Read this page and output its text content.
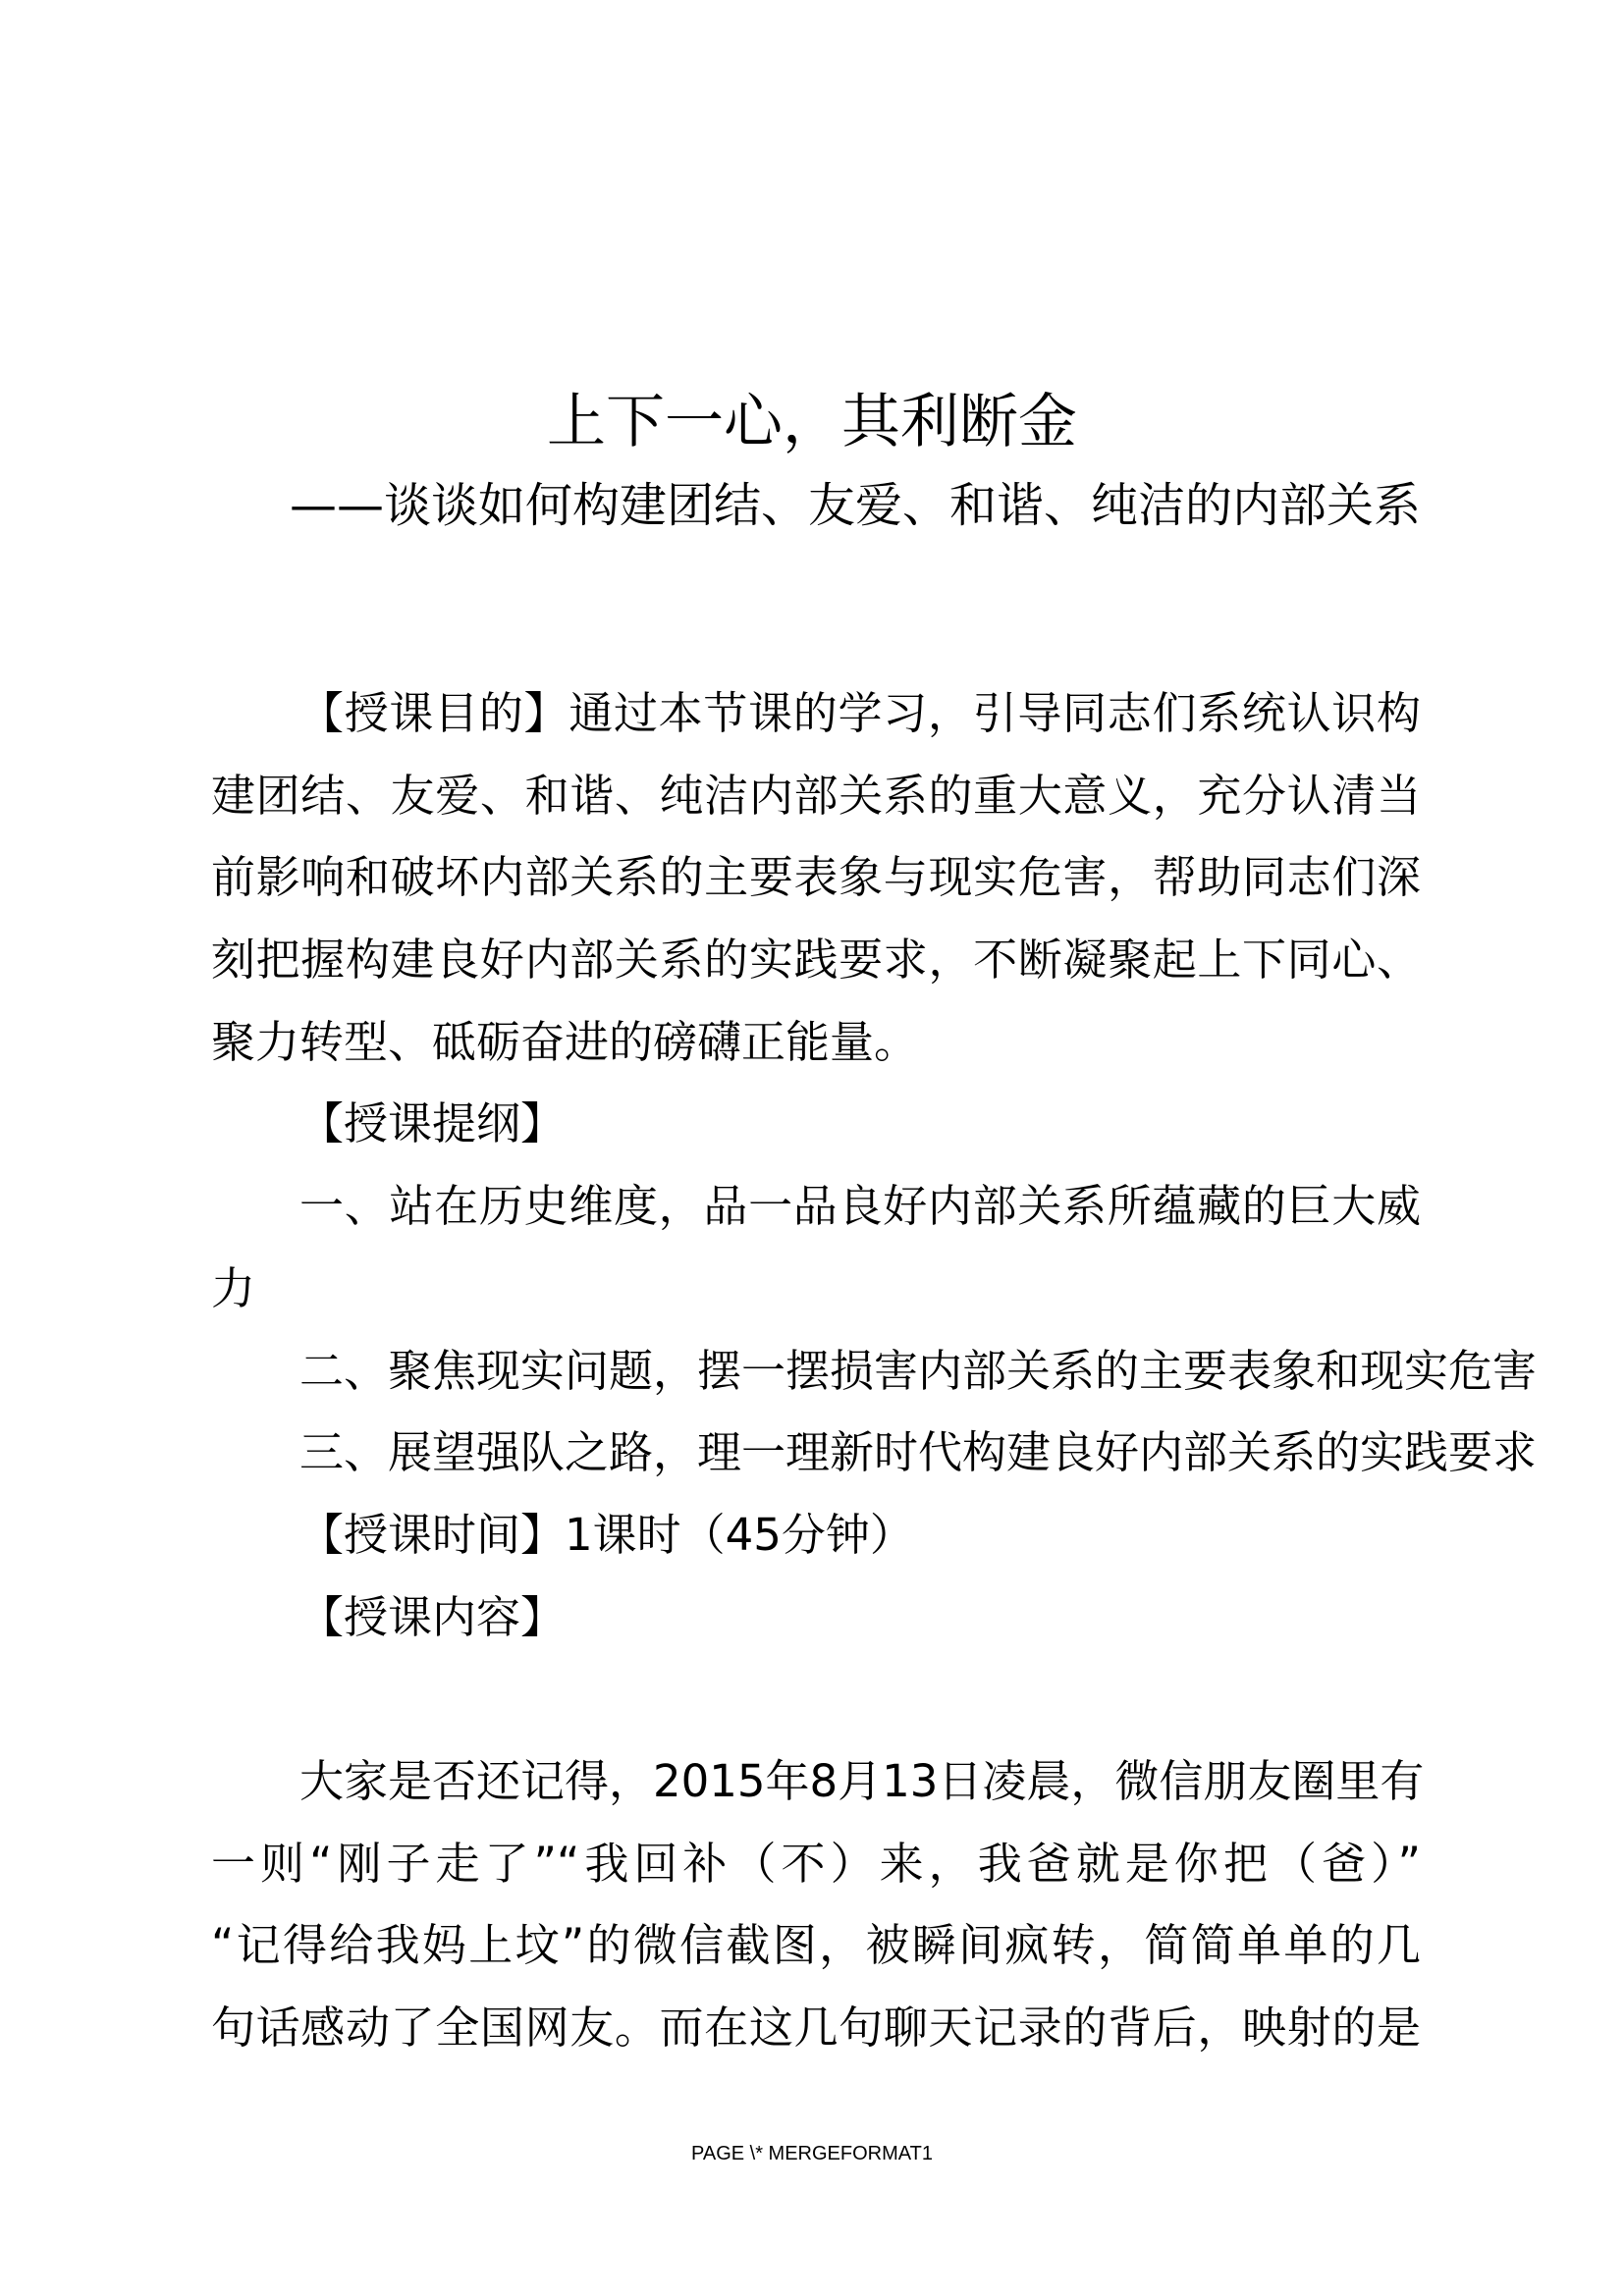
上下一心，其利断金
——谈谈如何构建团结、友爱、和谐、纯洁的内部关系
【授课目的】通过本节课的学习，引导同志们系统认识构
建团结、友爱、和谐、纯洁内部关系的重大意义，充分认清当
前影响和破坏内部关系的主要表象与现实危害，帮助同志们深
刻把握构建良好内部关系的实践要求，不断凝聚起上下同心、
聚力转型、砥砺奋进的磅礴正能量。
【授课提纲】
一、站在历史维度，品一品良好内部关系所蕴藏的巨大威
力
二、聚焦现实问题，摆一摆损害内部关系的主要表象和现实危害
三、展望强队之路，理一理新时代构建良好内部关系的实践要求
【授课时间】1课时（45分钟）
【授课内容】
大家是否还记得，2015年8月13日凌晨，微信朋友圈里有
一则“刚子走了”“我回补（不）来，我爸就是你把（爸）”
“记得给我妈上坟”的微信截图，被瞬间疯转，简简单单的几
句话感动了全国网友。而在这几句聊天记录的背后，映射的是
PAGE \* MERGEFORMAT1
